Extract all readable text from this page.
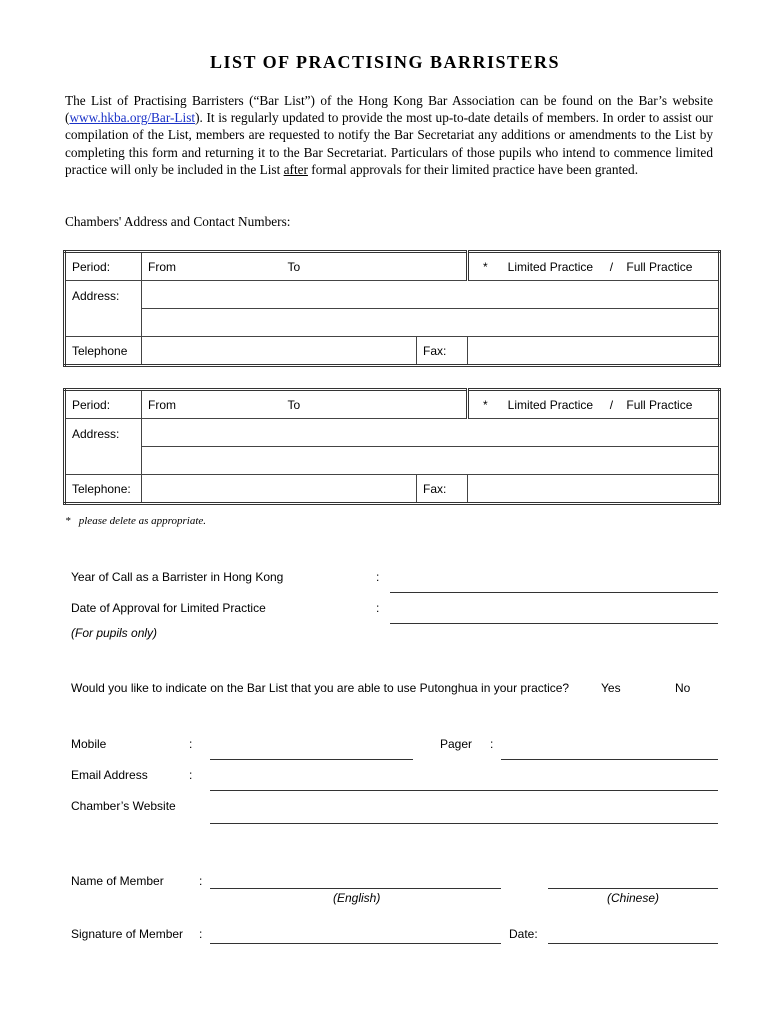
LIST OF PRACTISING BARRISTERS
The List of Practising Barristers (“Bar List”) of the Hong Kong Bar Association can be found on the Bar’s website (www.hkba.org/Bar-List). It is regularly updated to provide the most up-to-date details of members. In order to assist our compilation of the List, members are requested to notify the Bar Secretariat any additions or amendments to the List by completing this form and returning it to the Bar Secretariat. Particulars of those pupils who intend to commence limited practice will only be included in the List after formal approvals for their limited practice have been granted.
Chambers' Address and Contact Numbers:
Period:	From To		*      Limited Practice     /    Full Practice
Address:			

Telephone		Fax:	
Period:	From To		*      Limited Practice     /    Full Practice
Address:			

Telephone:		Fax:	
*   please delete as appropriate.
Year of Call as a Barrister in Hong Kong	:
Date of Approval for Limited Practice	:
(For pupils only)
Would you like to indicate on the Bar List that you are able to use Putonghua in your practice?	Yes	No
Mobile	:	Pager :
Email Address	:
Chamber’s Website
Name of Member	:
(English)	(Chinese)
Signature of Member :	Date:
